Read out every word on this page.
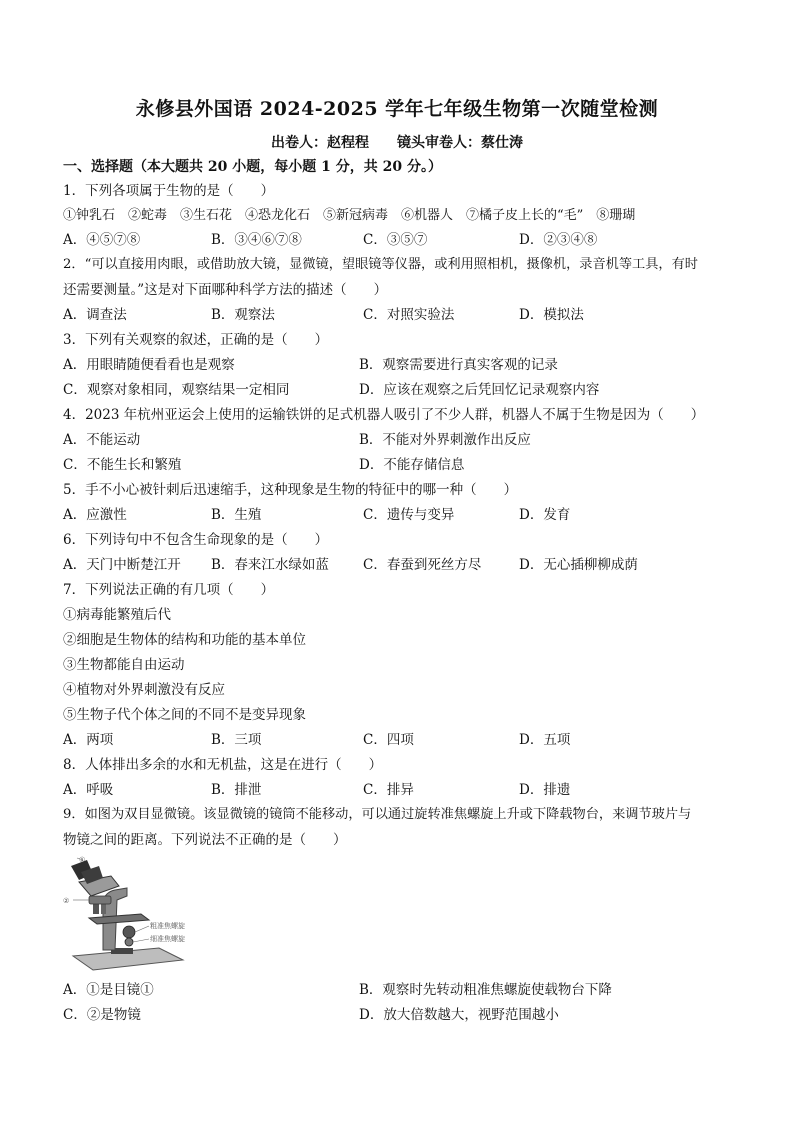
永修县外国语 2024-2025 学年七年级生物第一次随堂检测
出卷人：赵程程 镜头审卷人：蔡仕涛
一、选择题（本大题共 20 小题，每小题 1 分，共 20 分。）
1．下列各项属于生物的是（　　）
①钟乳石　②蛇毒　③生石花　④恐龙化石　⑤新冠病毒　⑥机器人　⑦橘子皮上长的“毛”　⑧珊瑚
A．④⑤⑦⑧	B．③④⑥⑦⑧	C．③⑤⑦	D．②③④⑧
2．“可以直接用肉眼，或借助放大镜，显微镜，望眼镜等仪器，或利用照相机，摄像机，录音机等工具，有时
还需要测量。”这是对下面哪种科学方法的描述（　　）
A．调查法	B．观察法	C．对照实验法	D．模拟法
3．下列有关观察的叙述，正确的是（　　）
A．用眼睛随便看看也是观察	B．观察需要进行真实客观的记录
C．观察对象相同，观察结果一定相同	D．应该在观察之后凭回忆记录观察内容
4．2023 年杭州亚运会上使用的运输铁饼的足式机器人吸引了不少人群，机器人不属于生物是因为（　　）
A．不能运动	B．不能对外界刺激作出反应
C．不能生长和繁殖	D．不能存储信息
5．手不小心被针刺后迅速缩手，这种现象是生物的特征中的哪一种（　　）
A．应激性	B．生殖	C．遗传与变异	D．发育
6．下列诗句中不包含生命现象的是（　　）
A．天门中断楚江开 B．春来江水绿如蓝	C．春蚕到死丝方尽	D．无心插柳柳成荫
7．下列说法正确的有几项（　　）
①病毒能繁殖后代
②细胞是生物体的结构和功能的基本单位
③生物都能自由运动
④植物对外界刺激没有反应
⑤生物子代个体之间的不同不是变异现象
A．两项	B．三项	C．四项	D．五项
8．人体排出多余的水和无机盐，这是在进行（　　）
A．呼吸	B．排泄	C．排异	D．排遗
9．如图为双目显微镜。该显微镜的镜筒不能移动，可以通过旋转准焦螺旋上升或下降载物台，来调节玻片与
物镜之间的距离。下列说法不正确的是（　　）
①
②
粗准焦螺旋
细准焦螺旋
A．①是目镜①	B．观察时先转动粗准焦螺旋使载物台下降
C．②是物镜	D．放大倍数越大，视野范围越小
